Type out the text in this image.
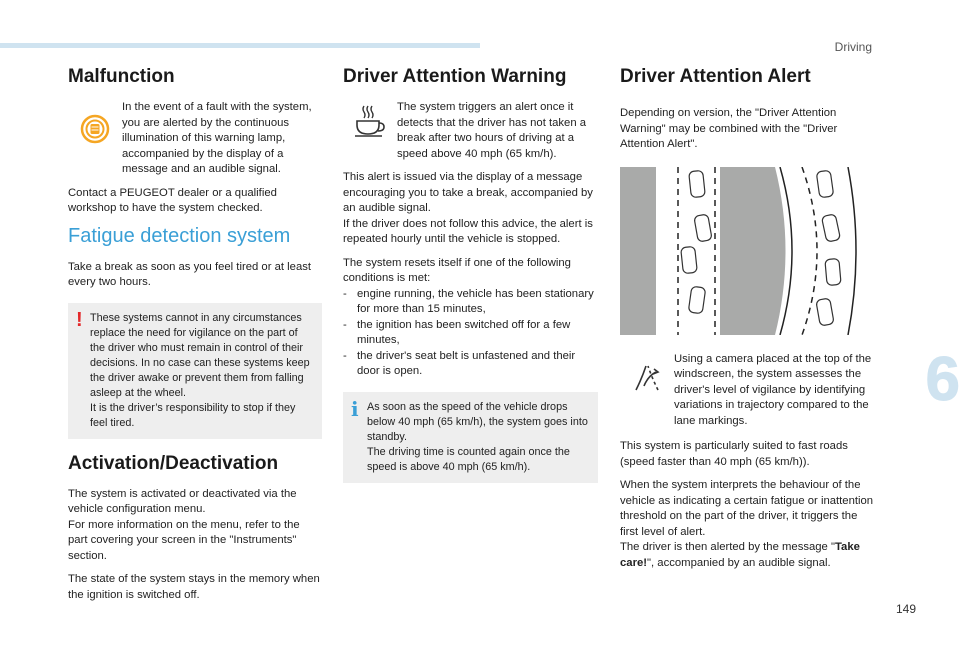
Driving
6
149
Malfunction

In the event of a fault with the system, you are alerted by the continuous illumination of this warning lamp, accompanied by the display of a message and an audible signal.

Contact a PEUGEOT dealer or a qualified workshop to have the system checked.

Fatigue detection system

Take a break as soon as you feel tired or at least every two hours.

! These systems cannot in any circumstances replace the need for vigilance on the part of the driver who must remain in control of their decisions. In no case can these systems keep the driver awake or prevent them from falling asleep at the wheel.

It is the driver’s responsibility to stop if they feel tired.

Activation/Deactivation

The system is activated or deactivated via the vehicle configuration menu.

For more information on the menu, refer to the part covering your screen in the "Instruments" section.

The state of the system stays in the memory when the ignition is switched off.

Driver Attention Warning

The system triggers an alert once it detects that the driver has not taken a break after two hours of driving at a speed above 40 mph (65 km/h).

This alert is issued via the display of a message encouraging you to take a break, accompanied by an audible signal.

If the driver does not follow this advice, the alert is repeated hourly until the vehicle is stopped.

The system resets itself if one of the following conditions is met:

- engine running, the vehicle has been stationary for more than 15 minutes,
- the ignition has been switched off for a few minutes,
- the driver's seat belt is unfastened and their door is open.
i As soon as the speed of the vehicle drops below 40 mph (65 km/h), the system goes into standby.

The driving time is counted again once the speed is above 40 mph (65 km/h).

Driver Attention Alert

Depending on version, the "Driver Attention Warning" may be combined with the "Driver Attention Alert".

Using a camera placed at the top of the windscreen, the system assesses the driver's level of vigilance by identifying variations in trajectory compared to the lane markings.

This system is particularly suited to fast roads (speed faster than 40 mph (65 km/h)).

When the system interprets the behaviour of the vehicle as indicating a certain fatigue or inattention threshold on the part of the driver, it triggers the first level of alert.

The driver is then alerted by the message "Take care!", accompanied by an audible signal.
